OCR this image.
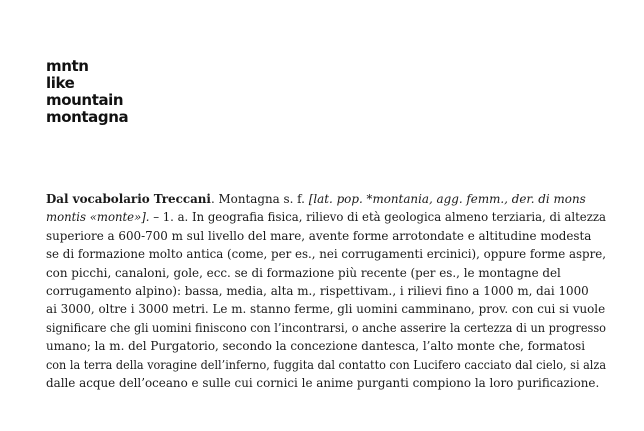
mntn
like
mountain
montagna
Dal vocabolario Treccani. Montagna s. f. [lat. pop. *montania, agg. femm., der. di mons
montis «monte»]. – 1. a. In geografia fisica, rilievo di età geologica almeno terziaria, di altezza
superiore a 600-700 m sul livello del mare, avente forme arrotondate e altitudine modesta
se di formazione molto antica (come, per es., nei corrugamenti ercinici), oppure forme aspre,
con picchi, canaloni, gole, ecc. se di formazione più recente (per es., le montagne del
corrugamento alpino): bassa, media, alta m., rispettivam., i rilievi fino a 1000 m, dai 1000
ai 3000, oltre i 3000 metri. Le m. stanno ferme, gli uomini camminano, prov. con cui si vuole
significare che gli uomini finiscono con l’incontrarsi, o anche asserire la certezza di un progresso
umano; la m. del Purgatorio, secondo la concezione dantesca, l’alto monte che, formatosi
con la terra della voragine dell’inferno, fuggita dal contatto con Lucifero cacciato dal cielo, si alza
dalle acque dell’oceano e sulle cui cornici le anime purganti compiono la loro purificazione.
